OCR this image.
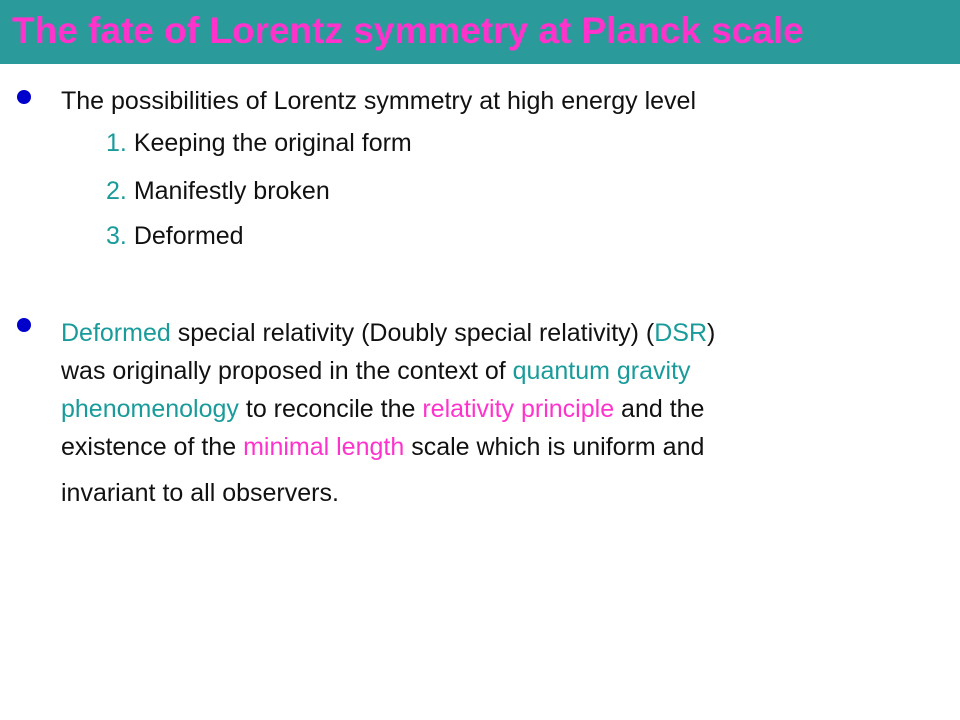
The fate of Lorentz symmetry at Planck scale
The possibilities of Lorentz symmetry at high energy level
1. Keeping the original form
2. Manifestly broken
3. Deformed
Deformed special relativity (Doubly special relativity) (DSR)
was originally proposed in the context of quantum gravity
phenomenology to reconcile the relativity principle and the
existence of the minimal length scale which is uniform and
invariant to all observers.
